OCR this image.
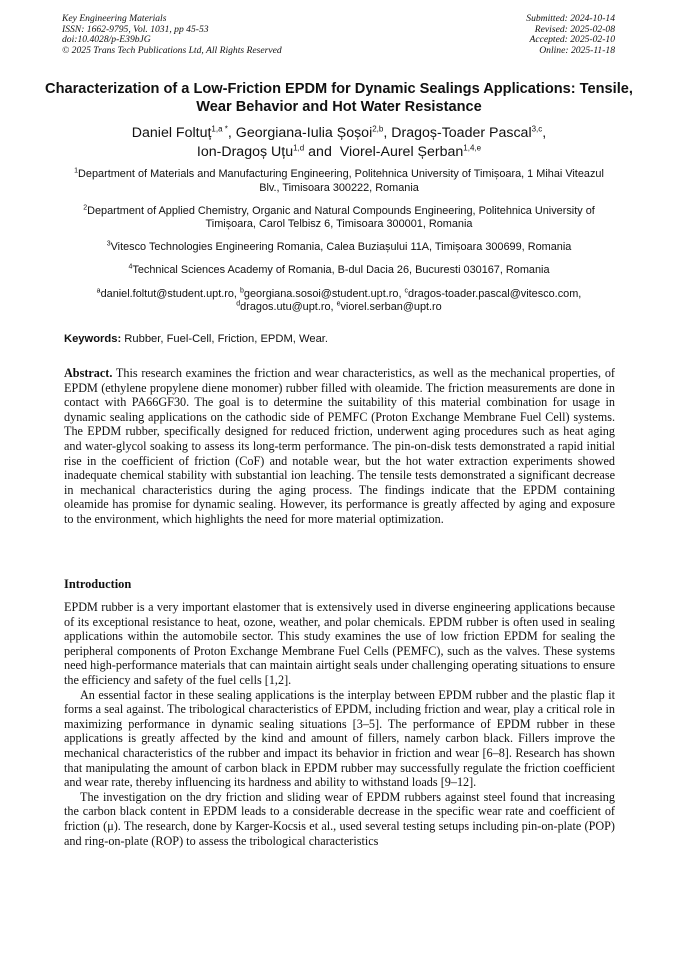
Key Engineering Materials
ISSN: 1662-9795, Vol. 1031, pp 45-53
doi:10.4028/p-E39bJG
© 2025 Trans Tech Publications Ltd, All Rights Reserved
Submitted: 2024-10-14
Revised: 2025-02-08
Accepted: 2025-02-10
Online: 2025-11-18
Characterization of a Low-Friction EPDM for Dynamic Sealings Applications: Tensile, Wear Behavior and Hot Water Resistance
Daniel Foltuț$^{1,a *}$, Georgiana-Iulia Șoșoi$^{2,b}$, Dragoș-Toader Pascal$^{3,c}$,
Ion-Dragoș Uțu$^{1,d}$ and  Viorel-Aurel Șerban$^{1,4,e}$

$^1$Department of Materials and Manufacturing Engineering, Politehnica University of Timișoara, 1 Mihai Viteazul Blv., Timisoara 300222, Romania

$^2$Department of Applied Chemistry, Organic and Natural Compounds Engineering, Politehnica University of Timișoara, Carol Telbisz 6, Timisoara 300001, Romania

$^3$Vitesco Technologies Engineering Romania, Calea Buziașului 11A, Timișoara 300699, Romania

$^4$Technical Sciences Academy of Romania, B-dul Dacia 26, Bucuresti 030167, Romania

$^a$daniel.foltut@student.upt.ro, $^b$georgiana.sosoi@student.upt.ro, $^c$dragos-toader.pascal@vitesco.com, $^d$dragos.utu@upt.ro, $^e$viorel.serban@upt.ro

Keywords: Rubber, Fuel-Cell, Friction, EPDM, Wear.

Abstract. This research examines the friction and wear characteristics, as well as the mechanical properties, of EPDM (ethylene propylene diene monomer) rubber filled with oleamide. The friction measurements are done in contact with PA66GF30. The goal is to determine the suitability of this material combination for usage in dynamic sealing applications on the cathodic side of PEMFC (Proton Exchange Membrane Fuel Cell) systems. The EPDM rubber, specifically designed for reduced friction, underwent aging procedures such as heat aging and water-glycol soaking to assess its long-term performance. The pin-on-disk tests demonstrated a rapid initial rise in the coefficient of friction (CoF) and notable wear, but the hot water extraction experiments showed inadequate chemical stability with substantial ion leaching. The tensile tests demonstrated a significant decrease in mechanical characteristics during the aging process. The findings indicate that the EPDM containing oleamide has promise for dynamic sealing. However, its performance is greatly affected by aging and exposure to the environment, which highlights the need for more material optimization.

Introduction

EPDM rubber is a very important elastomer that is extensively used in diverse engineering applications because of its exceptional resistance to heat, ozone, weather, and polar chemicals. EPDM rubber is often used in sealing applications within the automobile sector. This study examines the use of low friction EPDM for sealing the peripheral components of Proton Exchange Membrane Fuel Cells (PEMFC), such as the valves. These systems need high-performance materials that can maintain airtight seals under challenging operating situations to ensure the efficiency and safety of the fuel cells [1,2].

An essential factor in these sealing applications is the interplay between EPDM rubber and the plastic flap it forms a seal against. The tribological characteristics of EPDM, including friction and wear, play a critical role in maximizing performance in dynamic sealing situations [3–5]. The performance of EPDM rubber in these applications is greatly affected by the kind and amount of fillers, namely carbon black. Fillers improve the mechanical characteristics of the rubber and impact its behavior in friction and wear [6–8]. Research has shown that manipulating the amount of carbon black in EPDM rubber may successfully regulate the friction coefficient and wear rate, thereby influencing its hardness and ability to withstand loads [9–12].

The investigation on the dry friction and sliding wear of EPDM rubbers against steel found that increasing the carbon black content in EPDM leads to a considerable decrease in the specific wear rate and coefficient of friction (μ). The research, done by Karger-Kocsis et al., used several testing setups including pin-on-plate (POP) and ring-on-plate (ROP) to assess the tribological characteristics
